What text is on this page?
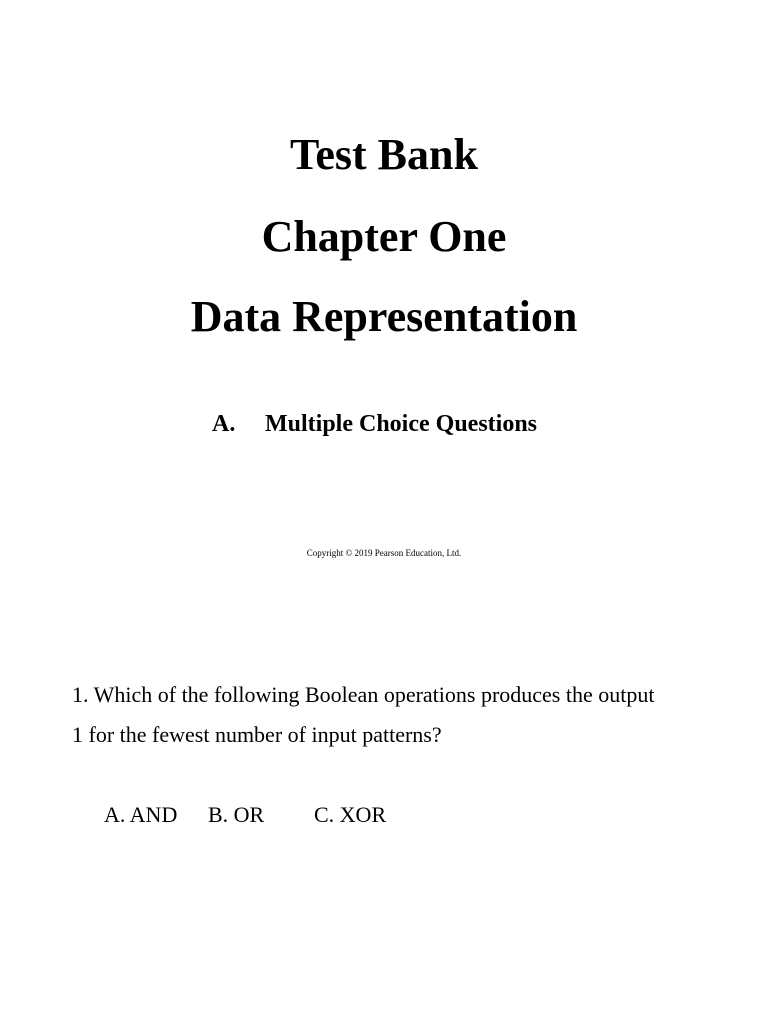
Test Bank
Chapter One
Data Representation
A. Multiple Choice Questions
Copyright © 2019 Pearson Education, Ltd.
1. Which of the following Boolean operations produces the output
1 for the fewest number of input patterns?
A. AND B. OR C. XOR
